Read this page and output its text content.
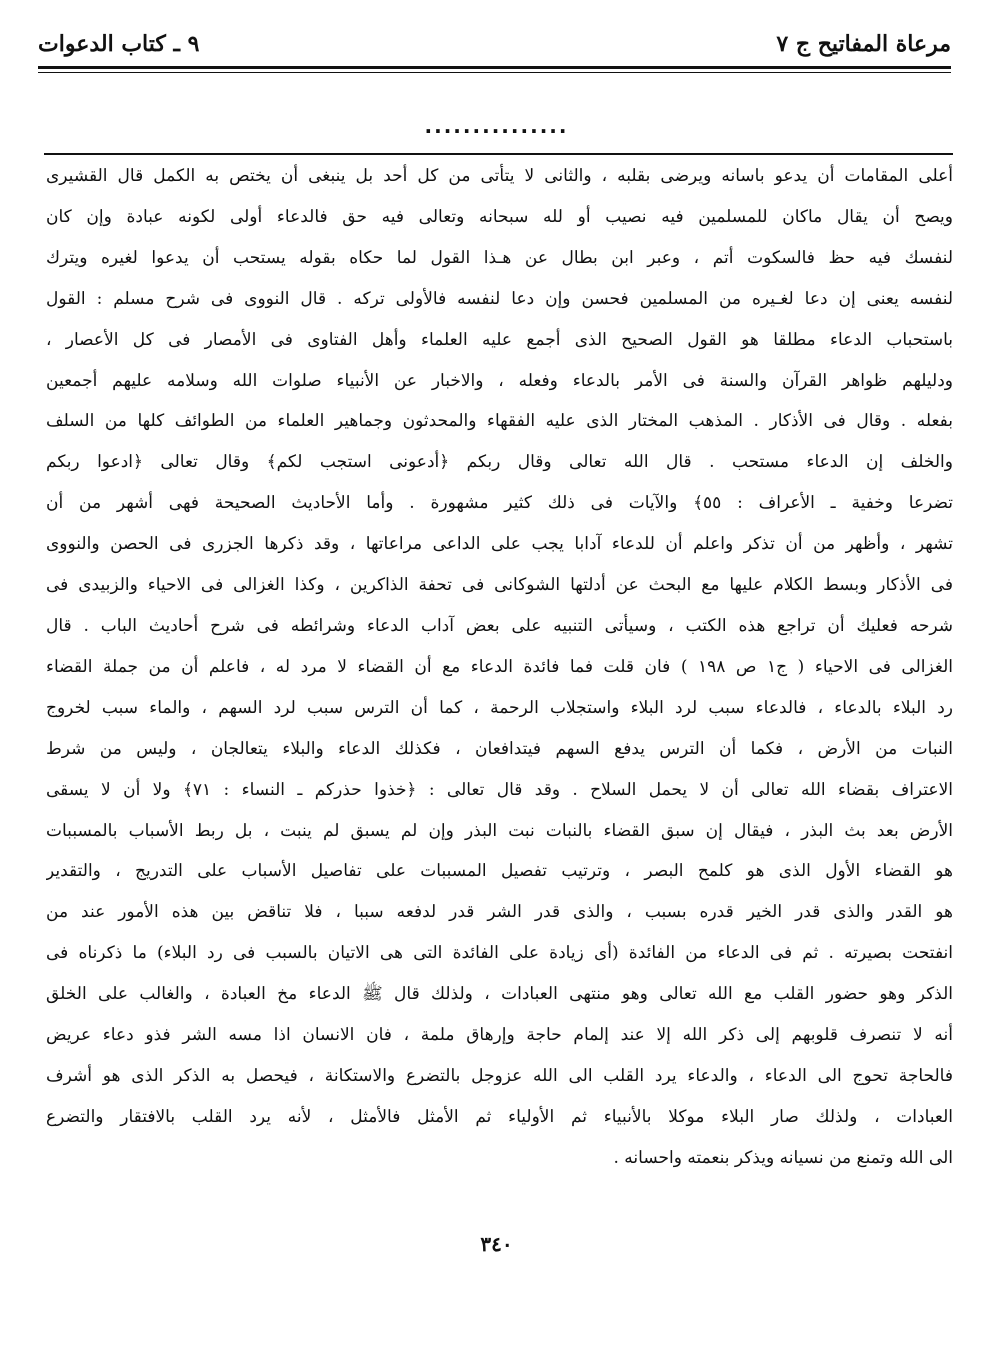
مرعاة المفاتيح ج ٧
٩ ـ كتاب الدعوات
...............
أعلى المقامات أن يدعو باسانه ويرضى بقلبه ، والثانى لا يتأتى من كل أحد بل ينبغى أن يختص به الكمل قال القشيرى
ويصح أن يقال ماكان للمسلمين فيه نصيب أو لله سبحانه وتعالى فيه حق فالدعاء أولى لكونه عبادة وإن كان
لنفسك فيه حظ فالسكوت أتم ، وعبر ابن بطال عن هـذا القول لما حكاه بقوله يستحب أن يدعوا لغيره ويترك
لنفسه يعنى إن دعا لغـيره من المسلمين فحسن وإن دعا لنفسه فالأولى تركه . قال النووى فى شرح مسلم : القول
باستحباب الدعاء مطلقا هو القول الصحيح الذى أجمع عليه العلماء وأهل الفتاوى فى الأمصار فى كل الأعصار ،
ودليلهم ظواهر القرآن والسنة فى الأمر بالدعاء وفعله ، والاخبار عن الأنبياء صلوات الله وسلامه عليهم أجمعين
بفعله . وقال فى الأذكار . المذهب المختار الذى عليه الفقهاء والمحدثون وجماهير العلماء من الطوائف كلها من السلف
والخلف إن الدعاء مستحب . قال الله تعالى وقال ربكم ﴿أدعونى استجب لكم﴾ وقال تعالى ﴿ادعوا ربكم
تضرعا وخفية ـ الأعراف : ٥٥﴾ والآيات فى ذلك كثير مشهورة . وأما الأحاديث الصحيحة فهى أشهر من أن
تشهر ، وأظهر من أن تذكر واعلم أن للدعاء آدابا يجب على الداعى مراعاتها ، وقد ذكرها الجزرى فى الحصن والنووى
فى الأذكار وبسط الكلام عليها مع البحث عن أدلتها الشوكانى فى تحفة الذاكرين ، وكذا الغزالى فى الاحياء والزبيدى فى
شرحه فعليك أن تراجع هذه الكتب ، وسيأتى التنبيه على بعض آداب الدعاء وشرائطه فى شرح أحاديث الباب . قال
الغزالى فى الاحياء ( ج١ ص ١٩٨ ) فان قلت فما فائدة الدعاء مع أن القضاء لا مرد له ، فاعلم أن من جملة القضاء
رد البلاء بالدعاء ، فالدعاء سبب لرد البلاء واستجلاب الرحمة ، كما أن الترس سبب لرد السهم ، والماء سبب لخروج
النبات من الأرض ، فكما أن الترس يدفع السهم فيتدافعان ، فكذلك الدعاء والبلاء يتعالجان ، وليس من شرط
الاعتراف بقضاء الله تعالى أن لا يحمل السلاح . وقد قال تعالى : ﴿خذوا حذركم ـ النساء : ٧١﴾ ولا أن لا يسقى
الأرض بعد بث البذر ، فيقال إن سبق القضاء بالنبات نبت البذر وإن لم يسبق لم ينبت ، بل ربط الأسباب بالمسببات
هو القضاء الأول الذى هو كلمح البصر ، وترتيب تفصيل المسببات على تفاصيل الأسباب على التدريج ، والتقدير
هو القدر والذى قدر الخير قدره بسبب ، والذى قدر الشر قدر لدفعه سببا ، فلا تناقض بين هذه الأمور عند من
انفتحت بصيرته . ثم فى الدعاء من الفائدة (أى زيادة على الفائدة التى هى الاتيان بالسبب فى رد البلاء) ما ذكرناه فى
الذكر وهو حضور القلب مع الله تعالى وهو منتهى العبادات ، ولذلك قال ﷺ الدعاء مخ العبادة ، والغالب على الخلق
أنه لا تنصرف قلوبهم إلى ذكر الله إلا عند إلمام حاجة وإرهاق ملمة ، فان الانسان اذا مسه الشر فذو دعاء عريض
فالحاجة تحوج الى الدعاء ، والدعاء يرد القلب الى الله عزوجل بالتضرع والاستكانة ، فيحصل به الذكر الذى هو أشرف
العبادات ، ولذلك صار البلاء موكلا بالأنبياء ثم الأولياء ثم الأمثل فالأمثل ، لأنه يرد القلب بالافتقار والتضرع
الى الله وتمنع من نسيانه ويذكر بنعمته واحسانه .
٣٤٠
